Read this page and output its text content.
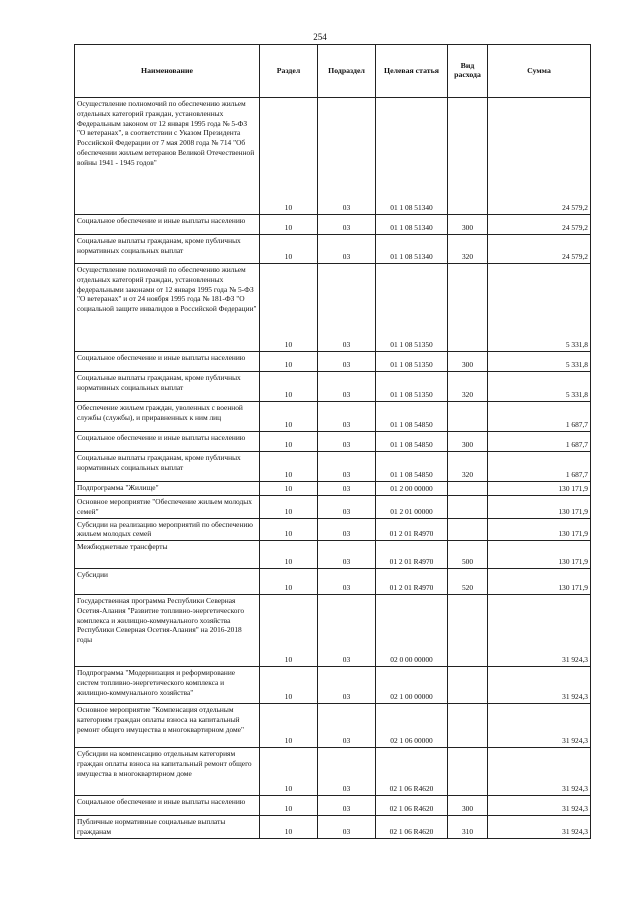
254
Наименование	Раздел	Подраздел	Целевая статья	Вид расхода	Сумма
Осуществление полномочий по обеспечению жильем отдельных категорий граждан, установленных Федеральным законом от 12 января 1995 года № 5-ФЗ "О ветеранах", в соответствии с Указом Президента Российской Федерации от 7 мая 2008 года № 714 "Об обеспечении жильем ветеранов Великой Отечественной войны 1941 - 1945 годов"	10	03	01 1 08 51340		24 579,2
Социальное обеспечение и иные выплаты населению	10	03	01 1 08 51340	300	24 579,2
Социальные выплаты гражданам, кроме публичных нормативных социальных выплат	10	03	01 1 08 51340	320	24 579,2
Осуществление полномочий по обеспечению жильем отдельных категорий граждан, установленных федеральными законами от 12 января 1995 года № 5-ФЗ "О ветеранах" и от 24 ноября 1995 года № 181-ФЗ "О социальной защите инвалидов в Российской Федерации"	10	03	01 1 08 51350		5 331,8
Социальное обеспечение и иные выплаты населению	10	03	01 1 08 51350	300	5 331,8
Социальные выплаты гражданам, кроме публичных нормативных социальных выплат	10	03	01 1 08 51350	320	5 331,8
Обеспечение жильем граждан, уволенных с военной службы (службы), и приравненных к ним лиц	10	03	01 1 08 54850		1 687,7
Социальное обеспечение и иные выплаты населению	10	03	01 1 08 54850	300	1 687,7
Социальные выплаты гражданам, кроме публичных нормативных социальных выплат	10	03	01 1 08 54850	320	1 687,7
Подпрограмма "Жилище"	10	03	01 2 00 00000		130 171,9
Основное мероприятие "Обеспечение жильем молодых семей"	10	03	01 2 01 00000		130 171,9
Субсидии на реализацию мероприятий по обеспечению жильем молодых семей	10	03	01 2 01 R4970		130 171,9
Межбюджетные трансферты	10	03	01 2 01 R4970	500	130 171,9
Субсидии	10	03	01 2 01 R4970	520	130 171,9
Государственная программа Республики Северная Осетия-Алания "Развитие топливно-энергетического комплекса и жилищно-коммунального хозяйства Республики Северная Осетия-Алания" на 2016-2018 годы	10	03	02 0 00 00000		31 924,3
Подпрограмма "Модернизация и реформирование систем топливно-энергетического комплекса и жилищно-коммунального хозяйства"	10	03	02 1 00 00000		31 924,3
Основное мероприятие "Компенсация отдельным категориям граждан оплаты взноса на капитальный ремонт общего имущества в многоквартирном доме"	10	03	02 1 06 00000		31 924,3
Субсидии на компенсацию отдельным категориям граждан оплаты взноса на капитальный ремонт общего имущества в многоквартирном доме	10	03	02 1 06 R4620		31 924,3
Социальное обеспечение и иные выплаты населению	10	03	02 1 06 R4620	300	31 924,3
Публичные нормативные социальные выплаты гражданам	10	03	02 1 06 R4620	310	31 924,3
